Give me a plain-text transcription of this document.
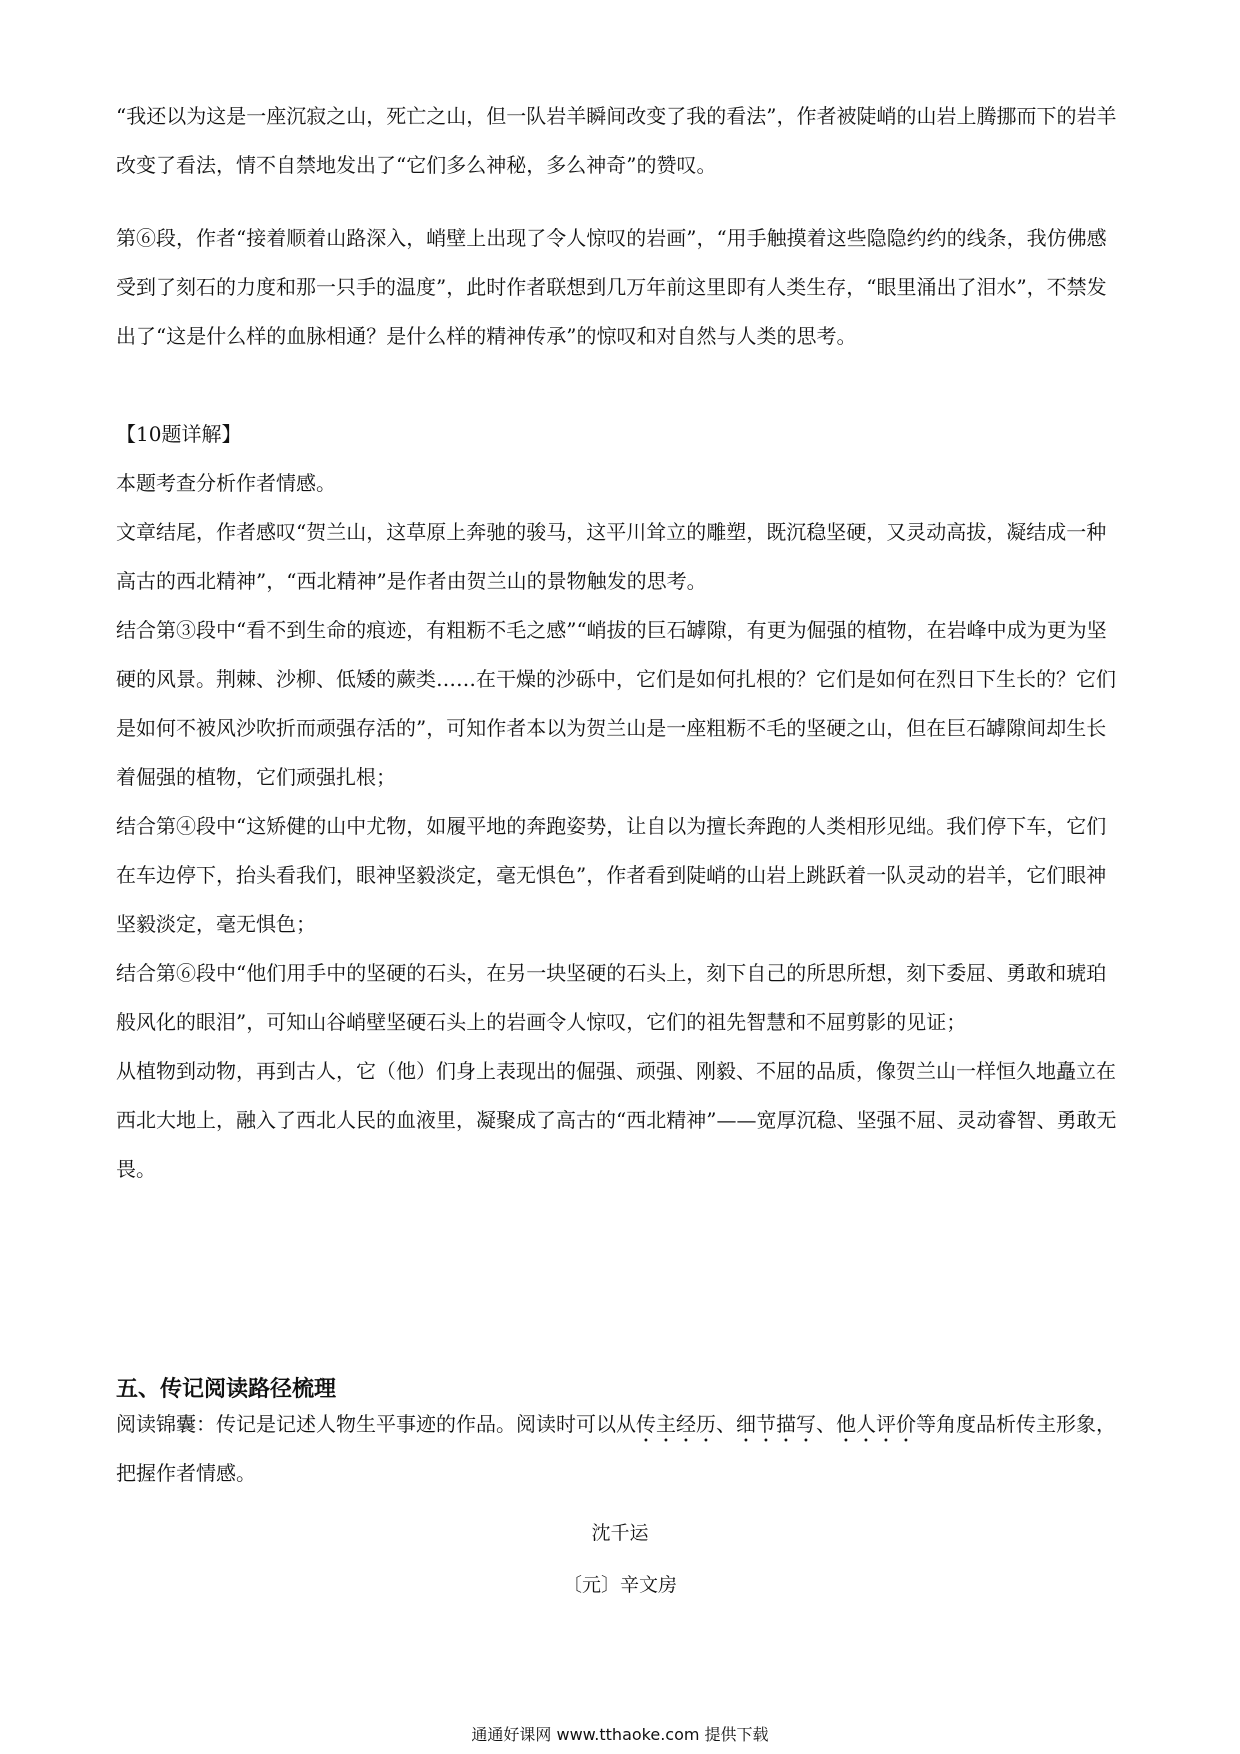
“我还以为这是一座沉寂之山，死亡之山，但一队岩羊瞬间改变了我的看法”，作者被陡峭的山岩上腾挪而下的岩羊改变了看法，情不自禁地发出了“它们多么神秘，多么神奇”的赞叹。

第⑥段，作者“接着顺着山路深入，峭壁上出现了令人惊叹的岩画”，“用手触摸着这些隐隐约约的线条，我仿佛感受到了刻石的力度和那一只手的温度”，此时作者联想到几万年前这里即有人类生存，“眼里涌出了泪水”，不禁发出了“这是什么样的血脉相通？是什么样的精神传承”的惊叹和对自然与人类的思考。

【10题详解】

本题考查分析作者情感。

文章结尾，作者感叹“贺兰山，这草原上奔驰的骏马，这平川耸立的雕塑，既沉稳坚硬，又灵动高拔，凝结成一种高古的西北精神”，“西北精神”是作者由贺兰山的景物触发的思考。

结合第③段中“看不到生命的痕迹，有粗粝不毛之感”“峭拔的巨石罅隙，有更为倔强的植物，在岩峰中成为更为坚硬的风景。荆棘、沙柳、低矮的蕨类……在干燥的沙砾中，它们是如何扎根的？它们是如何在烈日下生长的？它们是如何不被风沙吹折而顽强存活的”，可知作者本以为贺兰山是一座粗粝不毛的坚硬之山，但在巨石罅隙间却生长着倔强的植物，它们顽强扎根；

结合第④段中“这矫健的山中尤物，如履平地的奔跑姿势，让自以为擅长奔跑的人类相形见绌。我们停下车，它们在车边停下，抬头看我们，眼神坚毅淡定，毫无惧色”，作者看到陡峭的山岩上跳跃着一队灵动的岩羊，它们眼神坚毅淡定，毫无惧色；

结合第⑥段中“他们用手中的坚硬的石头，在另一块坚硬的石头上，刻下自己的所思所想，刻下委屈、勇敢和琥珀般风化的眼泪”，可知山谷峭壁坚硬石头上的岩画令人惊叹，它们的祖先智慧和不屈剪影的见证；

从植物到动物，再到古人，它（他）们身上表现出的倔强、顽强、刚毅、不屈的品质，像贺兰山一样恒久地矗立在西北大地上，融入了西北人民的血液里，凝聚成了高古的“西北精神”——宽厚沉稳、坚强不屈、灵动睿智、勇敢无畏。

五、传记阅读路径梳理

阅读锦囊：传记是记述人物生平事迹的作品。阅读时可以从传主经历、细节描写、他人评价等角度品析传主形象，把握作者情感。

沈千运

〔元〕辛文房

通通好课网 www.tthaoke.com 提供下载
